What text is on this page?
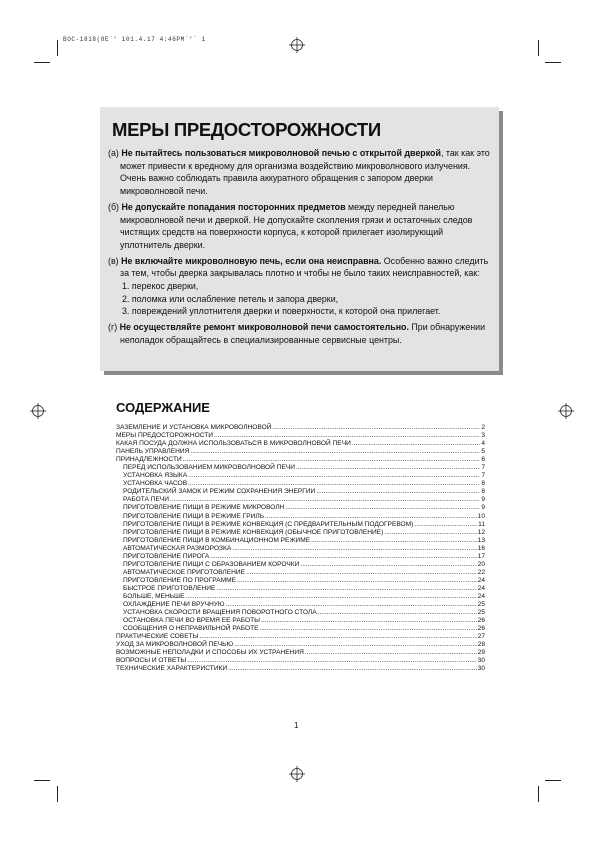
BOC-1818(8E`’ 101.4.17 4:46PM`’` 1
МЕРЫ ПРЕДОСТОРОЖНОСТИ

(а) Не пытайтесь пользоваться микроволновой печью с открытой дверкой, так как это может привести к вредному для организма воздействию микроволнового излучения. Очень важно соблюдать правила аккуратного обращения с запором дверки микроволновой печи.

(б) Не допускайте попадания посторонних предметов между передней панелью микроволновой печи и дверкой. Не допускайте скопления грязи и остаточных следов чистящих средств на поверхности корпуса, к которой прилегает изолирующий уплотнитель дверки.

(в) Не включайте микроволновую печь, если она неисправна. Особенно важно следить за тем, чтобы дверка закрывалась плотно и чтобы не было таких неисправностей, как:

1. перекос дверки,
2. поломка или ослабление петель и запора дверки,
3. повреждений уплотнителя дверки и поверхности, к которой она прилегает.

(г) Не осуществляйте ремонт микроволновой печи самостоятельно. При обнаружении неполадок обращайтесь в специализированные сервисные центры.

СОДЕРЖАНИЕ
ЗАЗЕМЛЕНИЕ И УСТАНОВКА МИКРОВОЛНОВОЙ .....	2
МЕРЫ ПРЕДОСТОРОЖНОСТИ .....	3
КАКАЯ ПОСУДА ДОЛЖНА ИСПОЛЬЗОВАТЬСЯ В МИКРОВОЛНОВОЙ ПЕЧИ .....	4
ПАНЕЛЬ УПРАВЛЕНИЯ .....	5
ПРИНАДЛЕЖНОСТИ .....	6
ПЕРЕД ИСПОЛЬЗОВАНИЕМ МИКРОВОЛНОВОЙ ПЕЧИ .....	7
УСТАНОВКА ЯЗЫКА .....	7
УСТАНОВКА ЧАСОВ .....	8
РОДИТЕЛЬСКИЙ ЗАМОК И РЕЖИМ СОХРАНЕНИЯ ЭНЕРГИИ .....	8
РАБОТА ПЕЧИ .....	9
ПРИГОТОВЛЕНИЕ ПИЩИ В РЕЖИМЕ МИКРОВОЛН .....	9
ПРИГОТОВЛЕНИЕ ПИЩИ В РЕЖИМЕ ГРИЛЬ .....	10
ПРИГОТОВЛЕНИЕ ПИЩИ В РЕЖИМЕ КОНВЕКЦИЯ (С ПРЕДВАРИТЕЛЬНЫМ ПОДОГРЕВОМ) .....	11
ПРИГОТОВЛЕНИЕ ПИЩИ В РЕЖИМЕ КОНВЕКЦИЯ (ОБЫЧНОЕ ПРИГОТОВЛЕНИЕ) .....	12
ПРИГОТОВЛЕНИЕ ПИЩИ В КОМБИНАЦИОННОМ РЕЖИМЕ .....	13
АВТОМАТИЧЕСКАЯ РАЗМОРОЗКА .....	16
ПРИГОТОВЛЕНИЕ ПИРОГА .....	17
ПРИГОТОВЛЕНИЕ ПИЩИ С ОБРАЗОВАНИЕМ КОРОЧКИ .....	20
АВТОМАТИЧЕСКОЕ ПРИГОТОВЛЕНИЕ .....	22
ПРИГОТОВЛЕНИЕ ПО ПРОГРАММЕ .....	24
БЫСТРОЕ ПРИГОТОВЛЕНИЕ .....	24
БОЛЬШЕ, МЕНЬШЕ .....	24
ОХЛАЖДЕНИЕ ПЕЧИ ВРУЧНУЮ .....	25
УСТАНОВКА СКОРОСТИ ВРАЩЕНИЯ ПОВОРОТНОГО СТОЛА .....	25
ОСТАНОВКА ПЕЧИ ВО ВРЕМЯ ЕЕ РАБОТЫ .....	26
СООБЩЕНИЯ О НЕПРАВИЛЬНОЙ РАБОТЕ .....	26
ПРАКТИЧЕСКИЕ СОВЕТЫ .....	27
УХОД ЗА МИКРОВОЛНОВОЙ ПЕЧЬЮ .....	28
ВОЗМОЖНЫЕ НЕПОЛАДКИ И СПОСОБЫ ИХ УСТРАНЕНИЯ .....	29
ВОПРОСЫ И ОТВЕТЫ .....	30
ТЕХНИЧЕСКИЕ ХАРАКТЕРИСТИКИ .....	30
1
